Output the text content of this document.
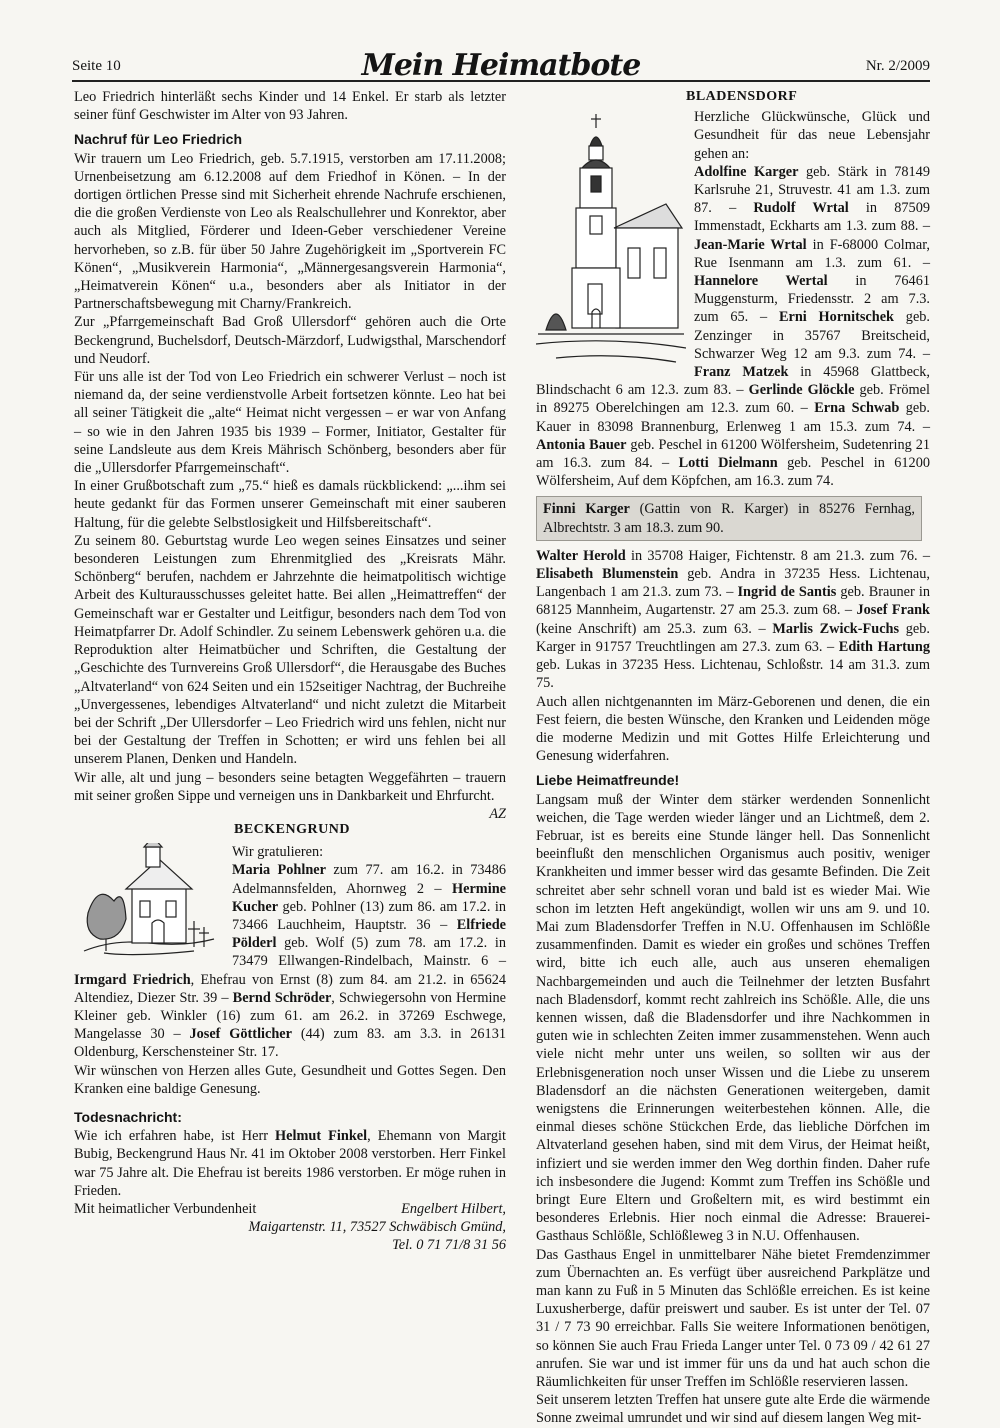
Seite 10	Mein Heimatbote	Nr. 2/2009

Leo Friedrich hinterläßt sechs Kinder und 14 Enkel. Er starb als letzter seiner fünf Geschwister im Alter von 93 Jahren.

Nachruf für Leo Friedrich

Wir trauern um Leo Friedrich, geb. 5.7.1915, verstorben am 17.11.2008; Urnenbeisetzung am 6.12.2008 auf dem Friedhof in Könen. – In der dortigen örtlichen Presse sind mit Sicherheit ehrende Nachrufe erschienen, die die großen Verdienste von Leo als Realschullehrer und Konrektor, aber auch als Mitglied, Förderer und Ideen-Geber verschiedener Vereine hervorheben, so z.B. für über 50 Jahre Zugehörigkeit im „Sportverein FC Könen“, „Musikverein Harmonia“, „Männergesangsverein Harmonia“, „Heimatverein Könen“ u.a., besonders aber als Initiator in der Partnerschaftsbewegung mit Charny/Frankreich.

Zur „Pfarrgemeinschaft Bad Groß Ullersdorf“ gehören auch die Orte Beckengrund, Buchelsdorf, Deutsch-Märzdorf, Ludwigsthal, Marschendorf und Neudorf.

Für uns alle ist der Tod von Leo Friedrich ein schwerer Verlust – noch ist niemand da, der seine verdienstvolle Arbeit fortsetzen könnte. Leo hat bei all seiner Tätigkeit die „alte“ Heimat nicht vergessen – er war von Anfang – so wie in den Jahren 1935 bis 1939 – Former, Initiator, Gestalter für seine Landsleute aus dem Kreis Mährisch Schönberg, besonders aber für die „Ullersdorfer Pfarrgemeinschaft“.

In einer Grußbotschaft zum „75.“ hieß es damals rückblickend: „...ihm sei heute gedankt für das Formen unserer Gemeinschaft mit einer sauberen Haltung, für die gelebte Selbstlosigkeit und Hilfsbereitschaft“.

Zu seinem 80. Geburtstag wurde Leo wegen seines Einsatzes und seiner besonderen Leistungen zum Ehrenmitglied des „Kreisrats Mähr. Schönberg“ berufen, nachdem er Jahrzehnte die heimatpolitisch wichtige Arbeit des Kulturausschusses geleitet hatte. Bei allen „Heimattreffen“ der Gemeinschaft war er Gestalter und Leitfigur, besonders nach dem Tod von Heimatpfarrer Dr. Adolf Schindler. Zu seinem Lebenswerk gehören u.a. die Reproduktion alter Heimatbücher und Schriften, die Gestaltung der „Geschichte des Turnvereins Groß Ullersdorf“, die Herausgabe des Buches „Altvaterland“ von 624 Seiten und ein 152seitiger Nachtrag, der Buchreihe „Unvergessenes, lebendiges Altvaterland“ und nicht zuletzt die Mitarbeit bei der Schrift „Der Ullersdorfer – Leo Friedrich wird uns fehlen, nicht nur bei der Gestaltung der Treffen in Schotten; er wird uns fehlen bei all unserem Planen, Denken und Handeln.

Wir alle, alt und jung – besonders seine betagten Weggefährten – trauern mit seiner großen Sippe und verneigen uns in Dankbarkeit und Ehrfurcht.
AZ

BECKENGRUND

Wir gratulieren:

Maria Pohlner zum 77. am 16.2. in 73486 Adelmannsfelden, Ahornweg 2 – Hermine Kucher geb. Pohlner (13) zum 86. am 17.2. in 73466 Lauchheim, Hauptstr. 36 – Elfriede Pölderl geb. Wolf (5) zum 78. am 17.2. in 73479 Ellwangen-Rindelbach, Mainstr. 6 – Irmgard Friedrich, Ehefrau von Ernst (8) zum 84. am 21.2. in 65624 Altendiez, Diezer Str. 39 – Bernd Schröder, Schwiegersohn von Hermine Kleiner geb. Winkler (16) zum 61. am 26.2. in 37269 Eschwege, Mangelasse 30 – Josef Göttlicher (44) zum 83. am 3.3. in 26131 Oldenburg, Kerschensteiner Str. 17.

Wir wünschen von Herzen alles Gute, Gesundheit und Gottes Segen. Den Kranken eine baldige Genesung.

Todesnachricht:

Wie ich erfahren habe, ist Herr Helmut Finkel, Ehemann von Margit Bubig, Beckengrund Haus Nr. 41 im Oktober 2008 verstorben. Herr Finkel war 75 Jahre alt. Die Ehefrau ist bereits 1986 verstorben. Er möge ruhen in Frieden.

Mit heimatlicher Verbundenheit	Engelbert Hilbert,

Maigartenstr. 11, 73527 Schwäbisch Gmünd,

Tel. 0 71 71/8 31 56

BLADENSDORF

Herzliche Glückwünsche, Glück und Gesundheit für das neue Lebensjahr gehen an:

Adolfine Karger geb. Stärk in 78149 Karlsruhe 21, Struvestr. 41 am 1.3. zum 87. – Rudolf Wrtal in 87509 Immenstadt, Eckharts am 1.3. zum 88. – Jean-Marie Wrtal in F-68000 Colmar, Rue Isenmann am 1.3. zum 61. – Hannelore Wertal in 76461 Muggensturm, Friedensstr. 2 am 7.3. zum 65. – Erni Hornitschek geb. Zenzinger in 35767 Breitscheid, Schwarzer Weg 12 am 9.3. zum 74. – Franz Matzek in 45968 Glattbeck, Blindschacht 6 am 12.3. zum 83. – Gerlinde Glöckle geb. Frömel in 89275 Oberelchingen am 12.3. zum 60. – Erna Schwab geb. Kauer in 83098 Brannenburg, Erlenweg 1 am 15.3. zum 74. – Antonia Bauer geb. Peschel in 61200 Wölfersheim, Sudetenring 21 am 16.3. zum 84. – Lotti Dielmann geb. Peschel in 61200 Wölfersheim, Auf dem Köpfchen, am 16.3. zum 74.

Finni Karger (Gattin von R. Karger) in 85276 Fernhag, Albrechtstr. 3 am 18.3. zum 90.

Walter Herold in 35708 Haiger, Fichtenstr. 8 am 21.3. zum 76. – Elisabeth Blumenstein geb. Andra in 37235 Hess. Lichtenau, Langenbach 1 am 21.3. zum 73. – Ingrid de Santis geb. Brauner in 68125 Mannheim, Augartenstr. 27 am 25.3. zum 68. – Josef Frank (keine Anschrift) am 25.3. zum 63. – Marlis Zwick-Fuchs geb. Karger in 91757 Treuchtlingen am 27.3. zum 63. – Edith Hartung geb. Lukas in 37235 Hess. Lichtenau, Schloßstr. 14 am 31.3. zum 75.

Auch allen nichtgenannten im März-Geborenen und denen, die ein Fest feiern, die besten Wünsche, den Kranken und Leidenden möge die moderne Medizin und mit Gottes Hilfe Erleichterung und Genesung widerfahren.

Liebe Heimatfreunde!

Langsam muß der Winter dem stärker werdenden Sonnenlicht weichen, die Tage werden wieder länger und an Lichtmeß, dem 2. Februar, ist es bereits eine Stunde länger hell. Das Sonnenlicht beeinflußt den menschlichen Organismus auch positiv, weniger Krankheiten und immer besser wird das gesamte Befinden. Die Zeit schreitet aber sehr schnell voran und bald ist es wieder Mai. Wie schon im letzten Heft angekündigt, wollen wir uns am 9. und 10. Mai zum Bladensdorfer Treffen in N.U. Offenhausen im Schlößle zusammenfinden. Damit es wieder ein großes und schönes Treffen wird, bitte ich euch alle, auch aus unseren ehemaligen Nachbargemeinden und auch die Teilnehmer der letzten Busfahrt nach Bladensdorf, kommt recht zahlreich ins Schößle. Alle, die uns kennen wissen, daß die Bladensdorfer und ihre Nachkommen in guten wie in schlechten Zeiten immer zusammenstehen. Wenn auch viele nicht mehr unter uns weilen, so sollten wir aus der Erlebnisgeneration noch unser Wissen und die Liebe zu unserem Bladensdorf an die nächsten Generationen weitergeben, damit wenigstens die Erinnerungen weiterbestehen können. Alle, die einmal dieses schöne Stückchen Erde, das liebliche Dörfchen im Altvaterland gesehen haben, sind mit dem Virus, der Heimat heißt, infiziert und sie werden immer den Weg dorthin finden. Daher rufe ich insbesondere die Jugend: Kommt zum Treffen ins Schößle und bringt Eure Eltern und Großeltern mit, es wird bestimmt ein besonderes Erlebnis. Hier noch einmal die Adresse: Brauerei-Gasthaus Schlößle, Schlößleweg 3 in N.U. Offenhausen.

Das Gasthaus Engel in unmittelbarer Nähe bietet Fremdenzimmer zum Übernachten an. Es verfügt über ausreichend Parkplätze und man kann zu Fuß in 5 Minuten das Schlößle erreichen. Es ist keine Luxusherberge, dafür preiswert und sauber. Es ist unter der Tel. 07 31 / 7 73 90 erreichbar. Falls Sie weitere Informationen benötigen, so können Sie auch Frau Frieda Langer unter Tel. 0 73 09 / 42 61 27 anrufen. Sie war und ist immer für uns da und hat auch schon die Räumlichkeiten für unser Treffen im Schlößle reservieren lassen.

Seit unserem letzten Treffen hat unsere gute alte Erde die wärmende Sonne zweimal umrundet und wir sind auf diesem langen Weg mit-
